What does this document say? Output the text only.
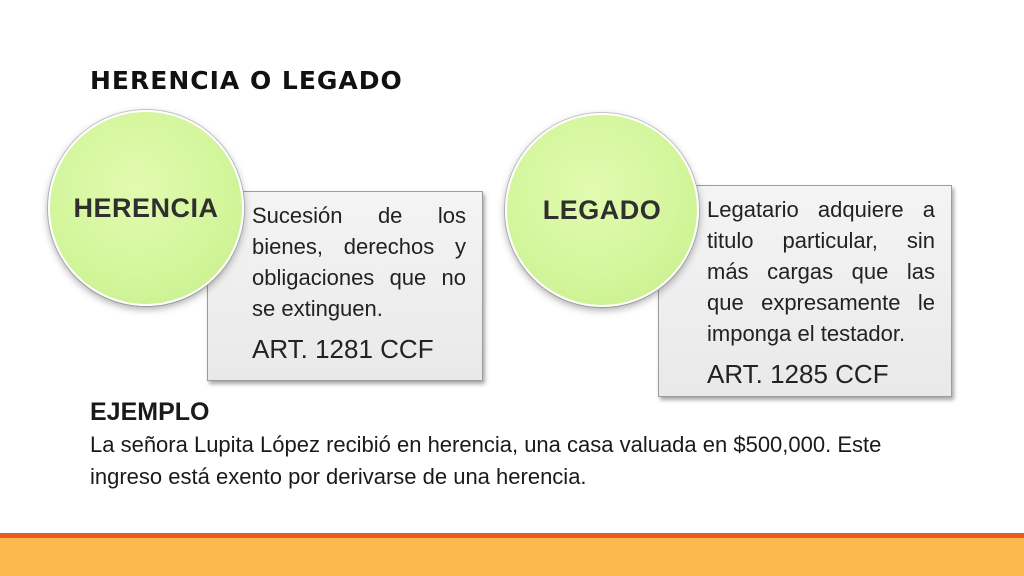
HERENCIA O LEGADO
Sucesión de los bienes, derechos y obligaciones que no se extinguen.
ART. 1281 CCF
HERENCIA	Legatario adquiere a titulo particular, sin más cargas que las que expresamente le imponga el testador.
ART. 1285 CCF
LEGADO
EJEMPLO
La señora Lupita López recibió en herencia, una casa valuada en $500,000. Este ingreso está exento por derivarse de una herencia.
